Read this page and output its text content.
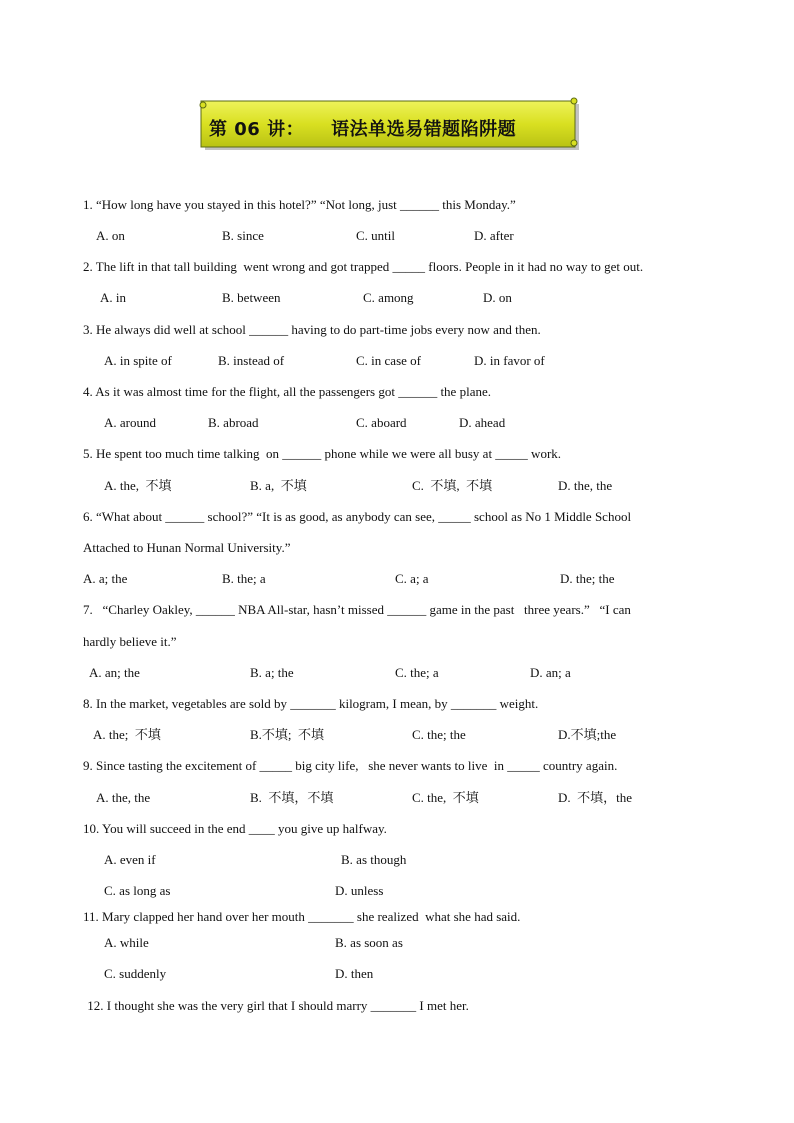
第 06 讲：    语法单选易错题陷阱题
1. “How long have you stayed in this hotel?” “Not long, just ______ this Monday.”
A. on	B. since	C. until	D. after
2. The lift in that tall building  went wrong and got trapped _____ floors. People in it had no way to get out.
A. in	B. between	C. among	D. on
3. He always did well at school ______ having to do part-time jobs every now and then.
A. in spite of	B. instead of	C. in case of	D. in favor of
4. As it was almost time for the flight, all the passengers got ______ the plane.
A. around	B. abroad	C. aboard	D. ahead
5. He spent too much time talking  on ______ phone while we were all busy at _____ work.
A. the,  不填	B. a,  不填	C.  不填,  不填	D. the, the
6. “What about ______ school?” “It is as good, as anybody can see, _____ school as No 1 Middle School
Attached to Hunan Normal University.”
A. a; the	B. the; a	C. a; a	D. the; the
7.   “Charley Oakley, ______ NBA All-star, hasn’t missed ______ game in the past   three years.”   “I can
hardly believe it.”
A. an; the	B. a; the	C. the; a	D. an; a
8. In the market, vegetables are sold by _______ kilogram, I mean, by _______ weight.
A. the;  不填	B.不填;  不填	C. the; the	D.不填;the
9. Since tasting the excitement of _____ big city life,   she never wants to live  in _____ country again.
A. the, the	B.  不填，不填	C. the,  不填	D.  不填，the
10. You will succeed in the end ____ you give up halfway.
A. even if	B. as though
C. as long as	D. unless
11. Mary clapped her hand over her mouth _______ she realized  what she had said.
A. while	B. as soon as
C. suddenly	D. then
12. I thought she was the very girl that I should marry _______ I met her.
